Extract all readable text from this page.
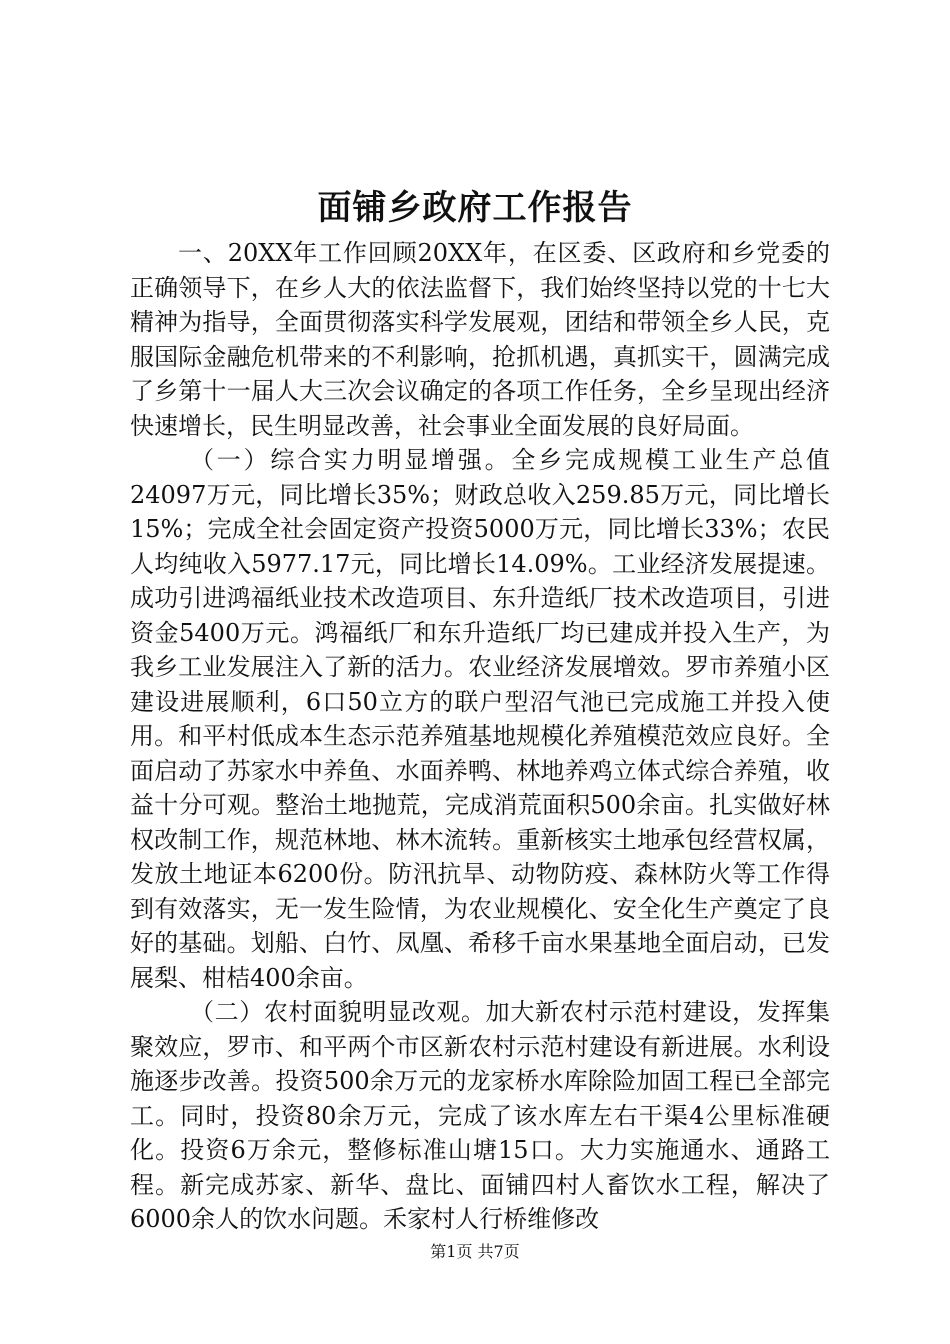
面铺乡政府工作报告

一、20XX年工作回顾20XX年，在区委、区政府和乡党委的正确领导下，在乡人大的依法监督下，我们始终坚持以党的十七大精神为指导，全面贯彻落实科学发展观，团结和带领全乡人民，克服国际金融危机带来的不利影响，抢抓机遇，真抓实干，圆满完成了乡第十一届人大三次会议确定的各项工作任务，全乡呈现出经济快速增长，民生明显改善，社会事业全面发展的良好局面。

（一）综合实力明显增强。全乡完成规模工业生产总值24097万元，同比增长35%；财政总收入259.85万元，同比增长15%；完成全社会固定资产投资5000万元，同比增长33%；农民人均纯收入5977.17元，同比增长14.09%。工业经济发展提速。成功引进鸿福纸业技术改造项目、东升造纸厂技术改造项目，引进资金5400万元。鸿福纸厂和东升造纸厂均已建成并投入生产，为我乡工业发展注入了新的活力。农业经济发展增效。罗市养殖小区建设进展顺利，6口50立方的联户型沼气池已完成施工并投入使用。和平村低成本生态示范养殖基地规模化养殖模范效应良好。全面启动了苏家水中养鱼、水面养鸭、林地养鸡立体式综合养殖，收益十分可观。整治土地抛荒，完成消荒面积500余亩。扎实做好林权改制工作，规范林地、林木流转。重新核实土地承包经营权属，发放土地证本6200份。防汛抗旱、动物防疫、森林防火等工作得到有效落实，无一发生险情，为农业规模化、安全化生产奠定了良好的基础。划船、白竹、凤凰、希移千亩水果基地全面启动，已发展梨、柑桔400余亩。

（二）农村面貌明显改观。加大新农村示范村建设，发挥集聚效应，罗市、和平两个市区新农村示范村建设有新进展。水利设施逐步改善。投资500余万元的龙家桥水库除险加固工程已全部完工。同时，投资80余万元，完成了该水库左右干渠4公里标准硬化。投资6万余元，整修标准山塘15口。大力实施通水、通路工程。新完成苏家、新华、盘比、面铺四村人畜饮水工程，解决了6000余人的饮水问题。禾家村人行桥维修改

第1页 共7页
